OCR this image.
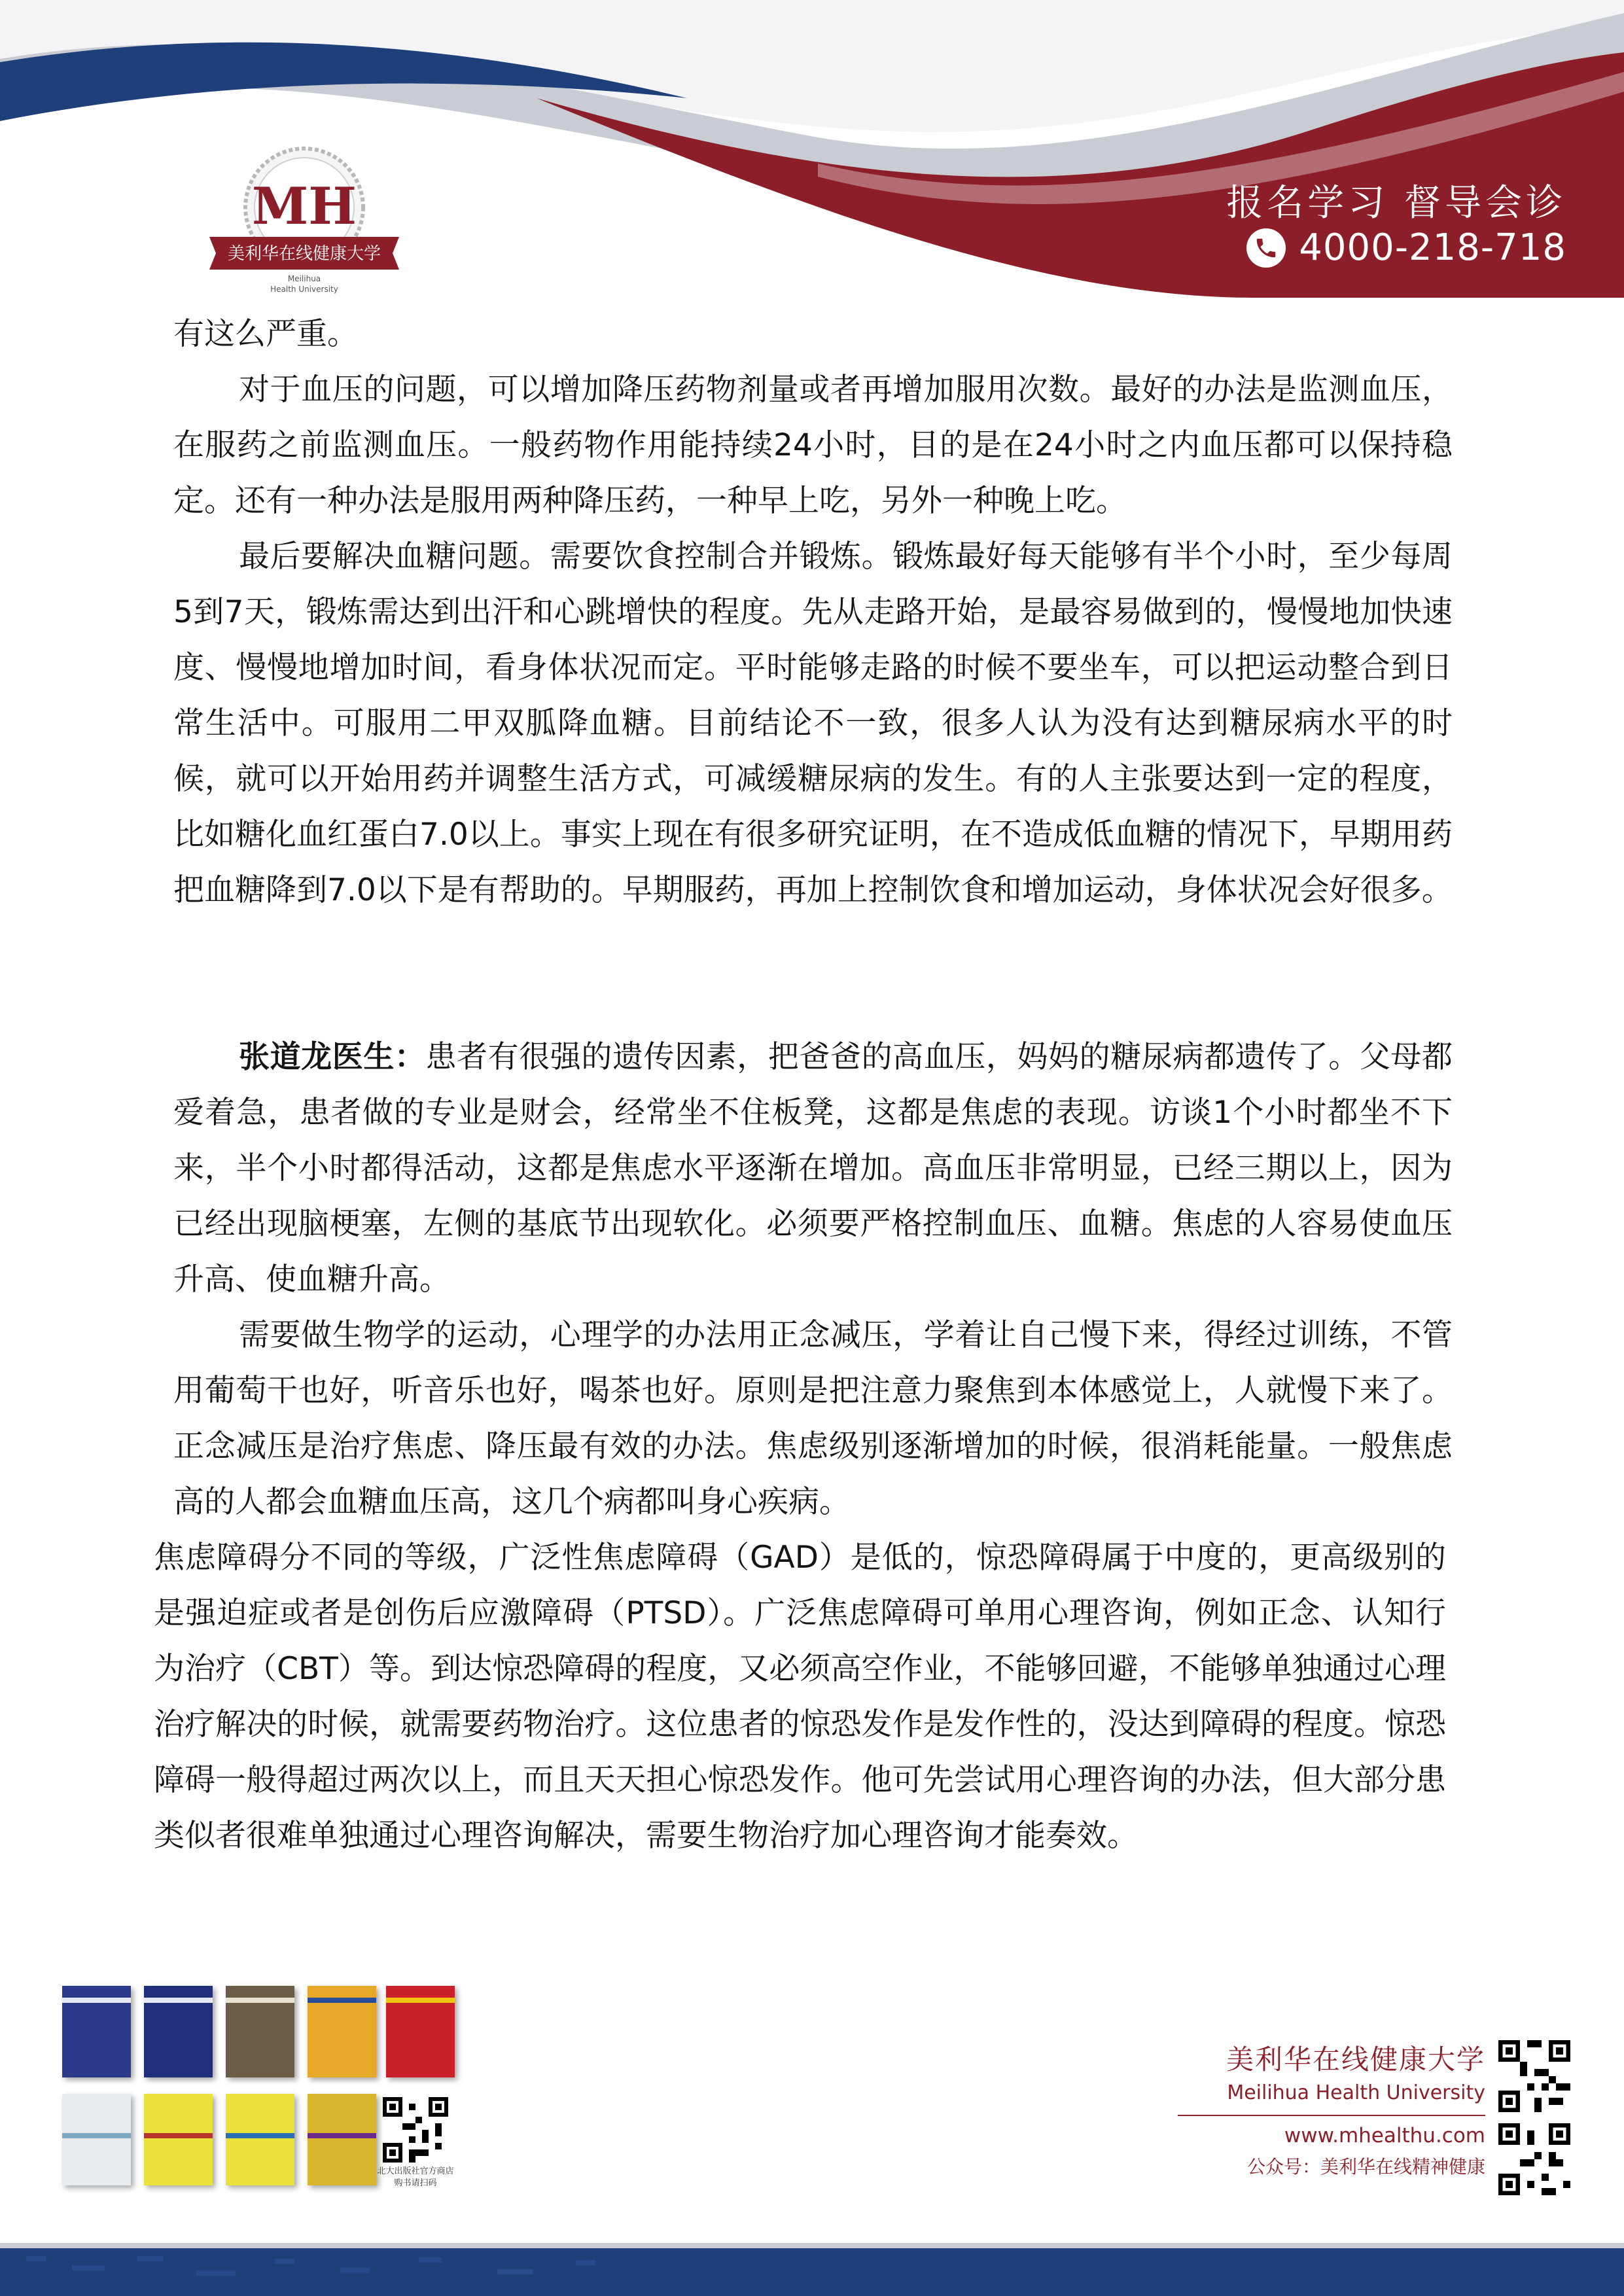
MH
美利华在线健康大学
Meilihua
Health University
报名学习 督导会诊
4000-218-718

有这么严重。

对于血压的问题，可以增加降压药物剂量或者再增加服用次数。最好的办法是监测血压，在服药之前监测血压。一般药物作用能持续24小时，目的是在24小时之内血压都可以保持稳定。还有一种办法是服用两种降压药，一种早上吃，另外一种晚上吃。

最后要解决血糖问题。需要饮食控制合并锻炼。锻炼最好每天能够有半个小时，至少每周5到7天，锻炼需达到出汗和心跳增快的程度。先从走路开始，是最容易做到的，慢慢地加快速度、慢慢地增加时间，看身体状况而定。平时能够走路的时候不要坐车，可以把运动整合到日常生活中。可服用二甲双胍降血糖。目前结论不一致，很多人认为没有达到糖尿病水平的时候，就可以开始用药并调整生活方式，可减缓糖尿病的发生。有的人主张要达到一定的程度，比如糖化血红蛋白7.0以上。事实上现在有很多研究证明，在不造成低血糖的情况下，早期用药把血糖降到7.0以下是有帮助的。早期服药，再加上控制饮食和增加运动，身体状况会好很多。

张道龙医生：患者有很强的遗传因素，把爸爸的高血压，妈妈的糖尿病都遗传了。父母都爱着急，患者做的专业是财会，经常坐不住板凳，这都是焦虑的表现。访谈1个小时都坐不下来，半个小时都得活动，这都是焦虑水平逐渐在增加。高血压非常明显，已经三期以上，因为已经出现脑梗塞，左侧的基底节出现软化。必须要严格控制血压、血糖。焦虑的人容易使血压升高、使血糖升高。

需要做生物学的运动，心理学的办法用正念减压，学着让自己慢下来，得经过训练，不管用葡萄干也好，听音乐也好，喝茶也好。原则是把注意力聚焦到本体感觉上，人就慢下来了。正念减压是治疗焦虑、降压最有效的办法。焦虑级别逐渐增加的时候，很消耗能量。一般焦虑高的人都会血糖血压高，这几个病都叫身心疾病。

焦虑障碍分不同的等级，广泛性焦虑障碍（GAD）是低的，惊恐障碍属于中度的，更高级别的是强迫症或者是创伤后应激障碍（PTSD）。广泛焦虑障碍可单用心理咨询，例如正念、认知行为治疗（CBT）等。到达惊恐障碍的程度，又必须高空作业，不能够回避，不能够单独通过心理治疗解决的时候，就需要药物治疗。这位患者的惊恐发作是发作性的，没达到障碍的程度。惊恐障碍一般得超过两次以上，而且天天担心惊恐发作。他可先尝试用心理咨询的办法，但大部分患类似者很难单独通过心理咨询解决，需要生物治疗加心理咨询才能奏效。

北大出版社官方商店
购书请扫码
美利华在线健康大学
Meilihua Health University
www.mhealthu.com
公众号：美利华在线精神健康
